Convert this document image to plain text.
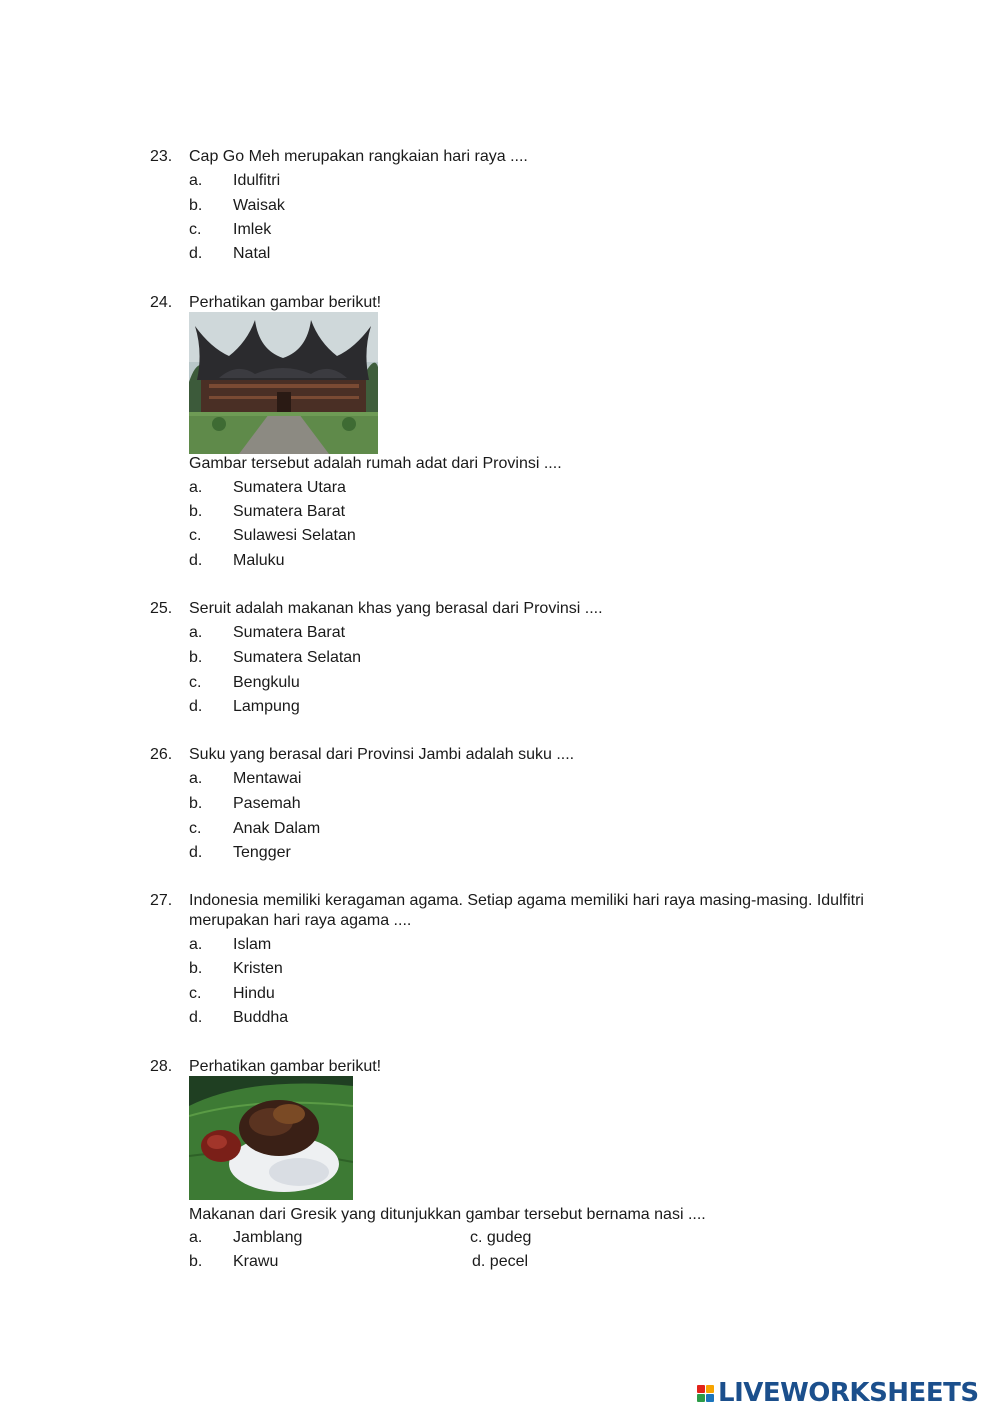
23. Cap Go Meh merupakan rangkaian hari raya ....
a. Idulfitri
b. Waisak
c. Imlek
d. Natal
24. Perhatikan gambar berikut!
Gambar tersebut adalah rumah adat dari Provinsi ....
a. Sumatera Utara
b. Sumatera Barat
c. Sulawesi Selatan
d. Maluku
25. Seruit adalah makanan khas yang berasal dari Provinsi ....
a. Sumatera Barat
b. Sumatera Selatan
c. Bengkulu
d. Lampung
26. Suku yang berasal dari Provinsi Jambi adalah suku ....
a. Mentawai
b. Pasemah
c. Anak Dalam
d. Tengger
27. Indonesia memiliki keragaman agama. Setiap agama memiliki hari raya masing-masing. Idulfitri
merupakan hari raya agama ....
a. Islam
b. Kristen
c. Hindu
d. Buddha
28. Perhatikan gambar berikut!
Makanan dari Gresik yang ditunjukkan gambar tersebut bernama nasi ....
a. Jamblang	c. gudeg
b. Krawu	d. pecel
LIVEWORKSHEETS
